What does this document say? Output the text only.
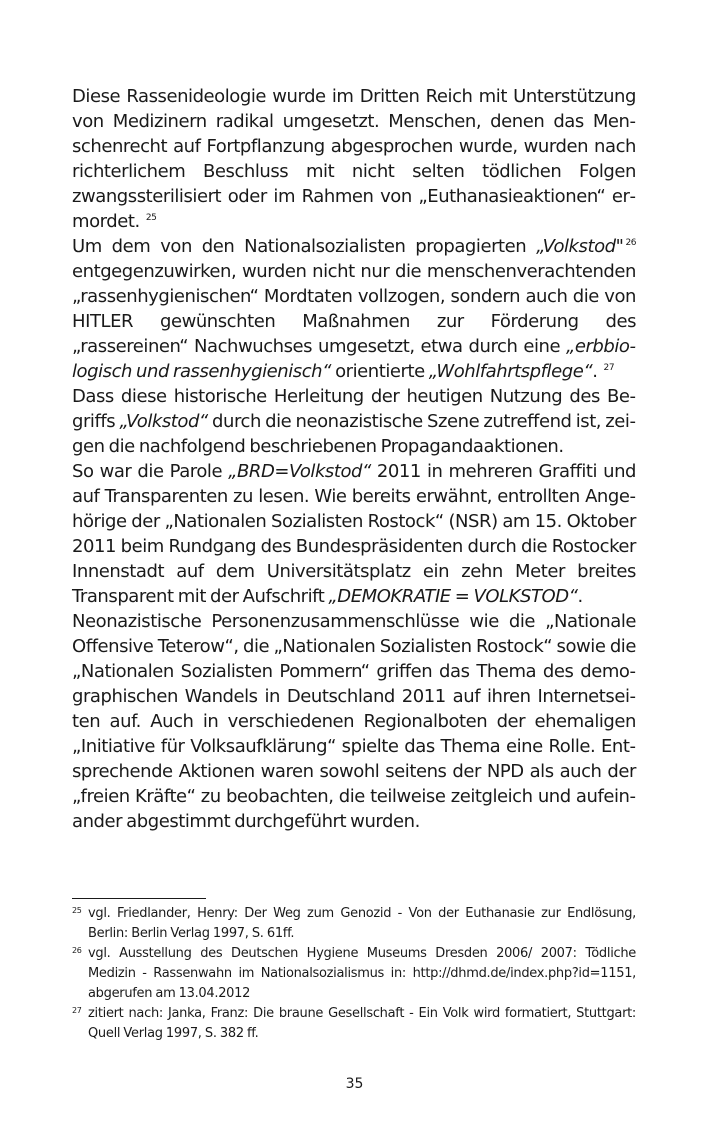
Diese Rassenideologie wurde im Dritten Reich mit Unterstützung von Medizinern radikal umgesetzt. Menschen, denen das Menschenrecht auf Fortpflanzung abgesprochen wurde, wurden nach richterlichem Beschluss mit nicht selten tödlichen Folgen zwangssterilisiert oder im Rahmen von „Euthanasieaktionen“ ermordet. $^{25}$

Um dem von den Nationalsozialisten propagierten „Volkstod" $^{26}$ entgegenzuwirken, wurden nicht nur die menschenverachtenden „rassenhygienischen“ Mordtaten vollzogen, sondern auch die von HITLER gewünschten Maßnahmen zur Förderung des „rassereinen“ Nachwuchses umgesetzt, etwa durch eine „erbbiologisch und rassenhygienisch“ orientierte „Wohlfahrtspflege“. $^{27}$

Dass diese historische Herleitung der heutigen Nutzung des Begriffs „Volkstod“ durch die neonazistische Szene zutreffend ist, zeigen die nachfolgend beschriebenen Propagandaaktionen.

So war die Parole „BRD=Volkstod“ 2011 in mehreren Graffiti und auf Transparenten zu lesen. Wie bereits erwähnt, entrollten Angehörige der „Nationalen Sozialisten Rostock“ (NSR) am 15. Oktober 2011 beim Rundgang des Bundespräsidenten durch die Rostocker Innenstadt auf dem Universitätsplatz ein zehn Meter breites Transparent mit der Aufschrift „DEMOKRATIE = VOLKSTOD“.

Neonazistische Personenzusammenschlüsse wie die „Nationale Offensive Teterow“, die „Nationalen Sozialisten Rostock“ sowie die „Nationalen Sozialisten Pommern“ griffen das Thema des demographischen Wandels in Deutschland 2011 auf ihren Internetseiten auf. Auch in verschiedenen Regionalboten der ehemaligen „Initiative für Volksaufklärung“ spielte das Thema eine Rolle. Entsprechende Aktionen waren sowohl seitens der NPD als auch der „freien Kräfte“ zu beobachten, die teilweise zeitgleich und aufeinander abgestimmt durchgeführt wurden.

25 vgl. Friedlander, Henry: Der Weg zum Genozid - Von der Euthanasie zur Endlösung, Berlin: Berlin Verlag 1997, S. 61ff.
26 vgl. Ausstellung des Deutschen Hygiene Museums Dresden 2006/ 2007: Tödliche Medizin - Rassenwahn im Nationalsozialismus in: http://dhmd.de/index.php?id=1151, abgerufen am 13.04.2012
27 zitiert nach: Janka, Franz: Die braune Gesellschaft - Ein Volk wird formatiert, Stuttgart: Quell Verlag 1997, S. 382 ff.
35
